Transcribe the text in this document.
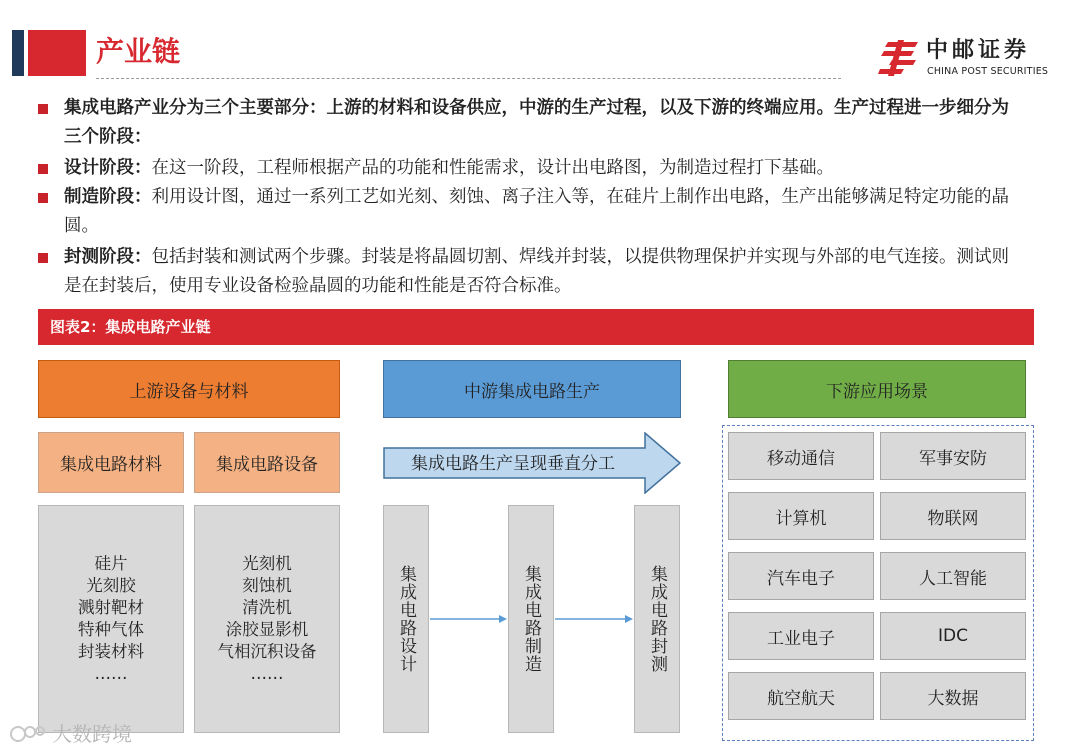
产业链	中邮证券
CHINA POST SECURITIES
集成电路产业分为三个主要部分：上游的材料和设备供应，中游的生产过程，以及下游的终端应用。生产过程进一步细分为三个阶段：
设计阶段：在这一阶段，工程师根据产品的功能和性能需求，设计出电路图，为制造过程打下基础。
制造阶段：利用设计图，通过一系列工艺如光刻、刻蚀、离子注入等，在硅片上制作出电路，生产出能够满足特定功能的晶圆。
封测阶段：包括封装和测试两个步骤。封装是将晶圆切割、焊线并封装，以提供物理保护并实现与外部的电气连接。测试则是在封装后，使用专业设备检验晶圆的功能和性能是否符合标准。
图表2：集成电路产业链
上游设备与材料
集成电路材料	集成电路设备
硅片
光刻胶
溅射靶材
特种气体
封装材料
……
光刻机
刻蚀机
清洗机
涂胶显影机
气相沉积设备
……
中游集成电路生产
集成电路生产呈现垂直分工
集成电路设计	集成电路制造	集成电路封测
下游应用场景
移动通信	军事安防
计算机	物联网
汽车电子	人工智能
工业电子	IDC
航空航天	大数据
大数跨境
